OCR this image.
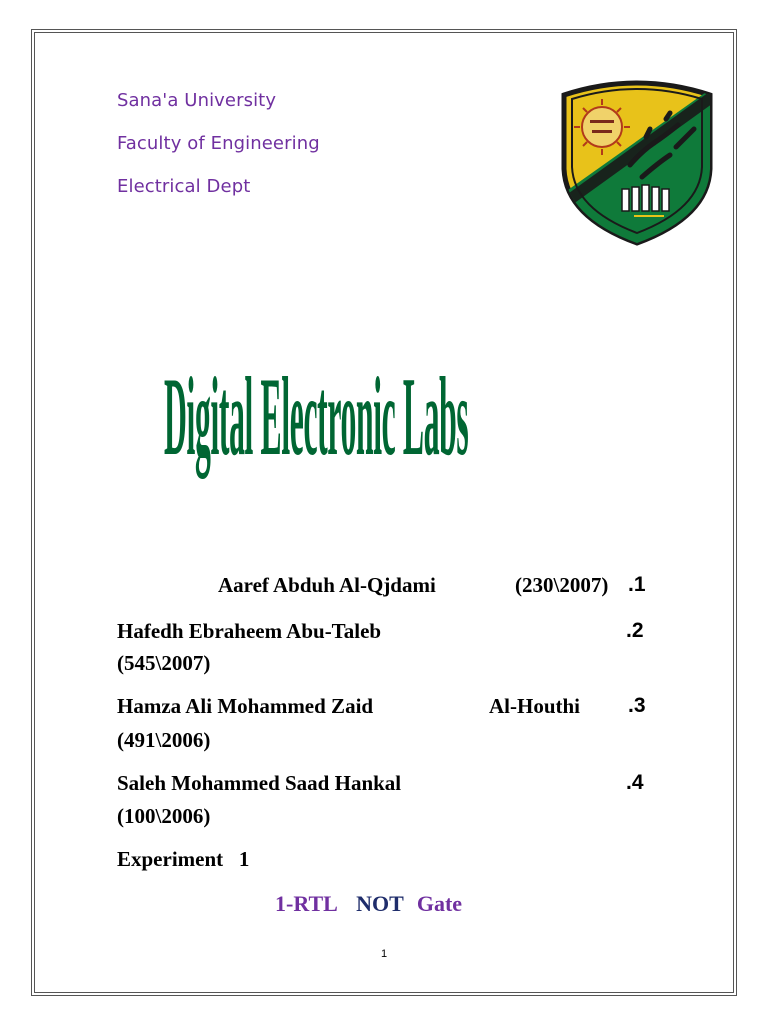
Sana'a University
Faculty of Engineering
Electrical Dept
Digital Electronic Labs
Aaref Abduh Al-Qjdami	(230\2007) .1
Hafedh Ebraheem Abu-Taleb	.2
(545\2007)
Hamza Ali Mohammed Zaid	Al-Houthi .3
(491\2006)
Saleh Mohammed Saad Hankal	.4
(100\2006)
Experiment   1
1-RTL NOT Gate
1
